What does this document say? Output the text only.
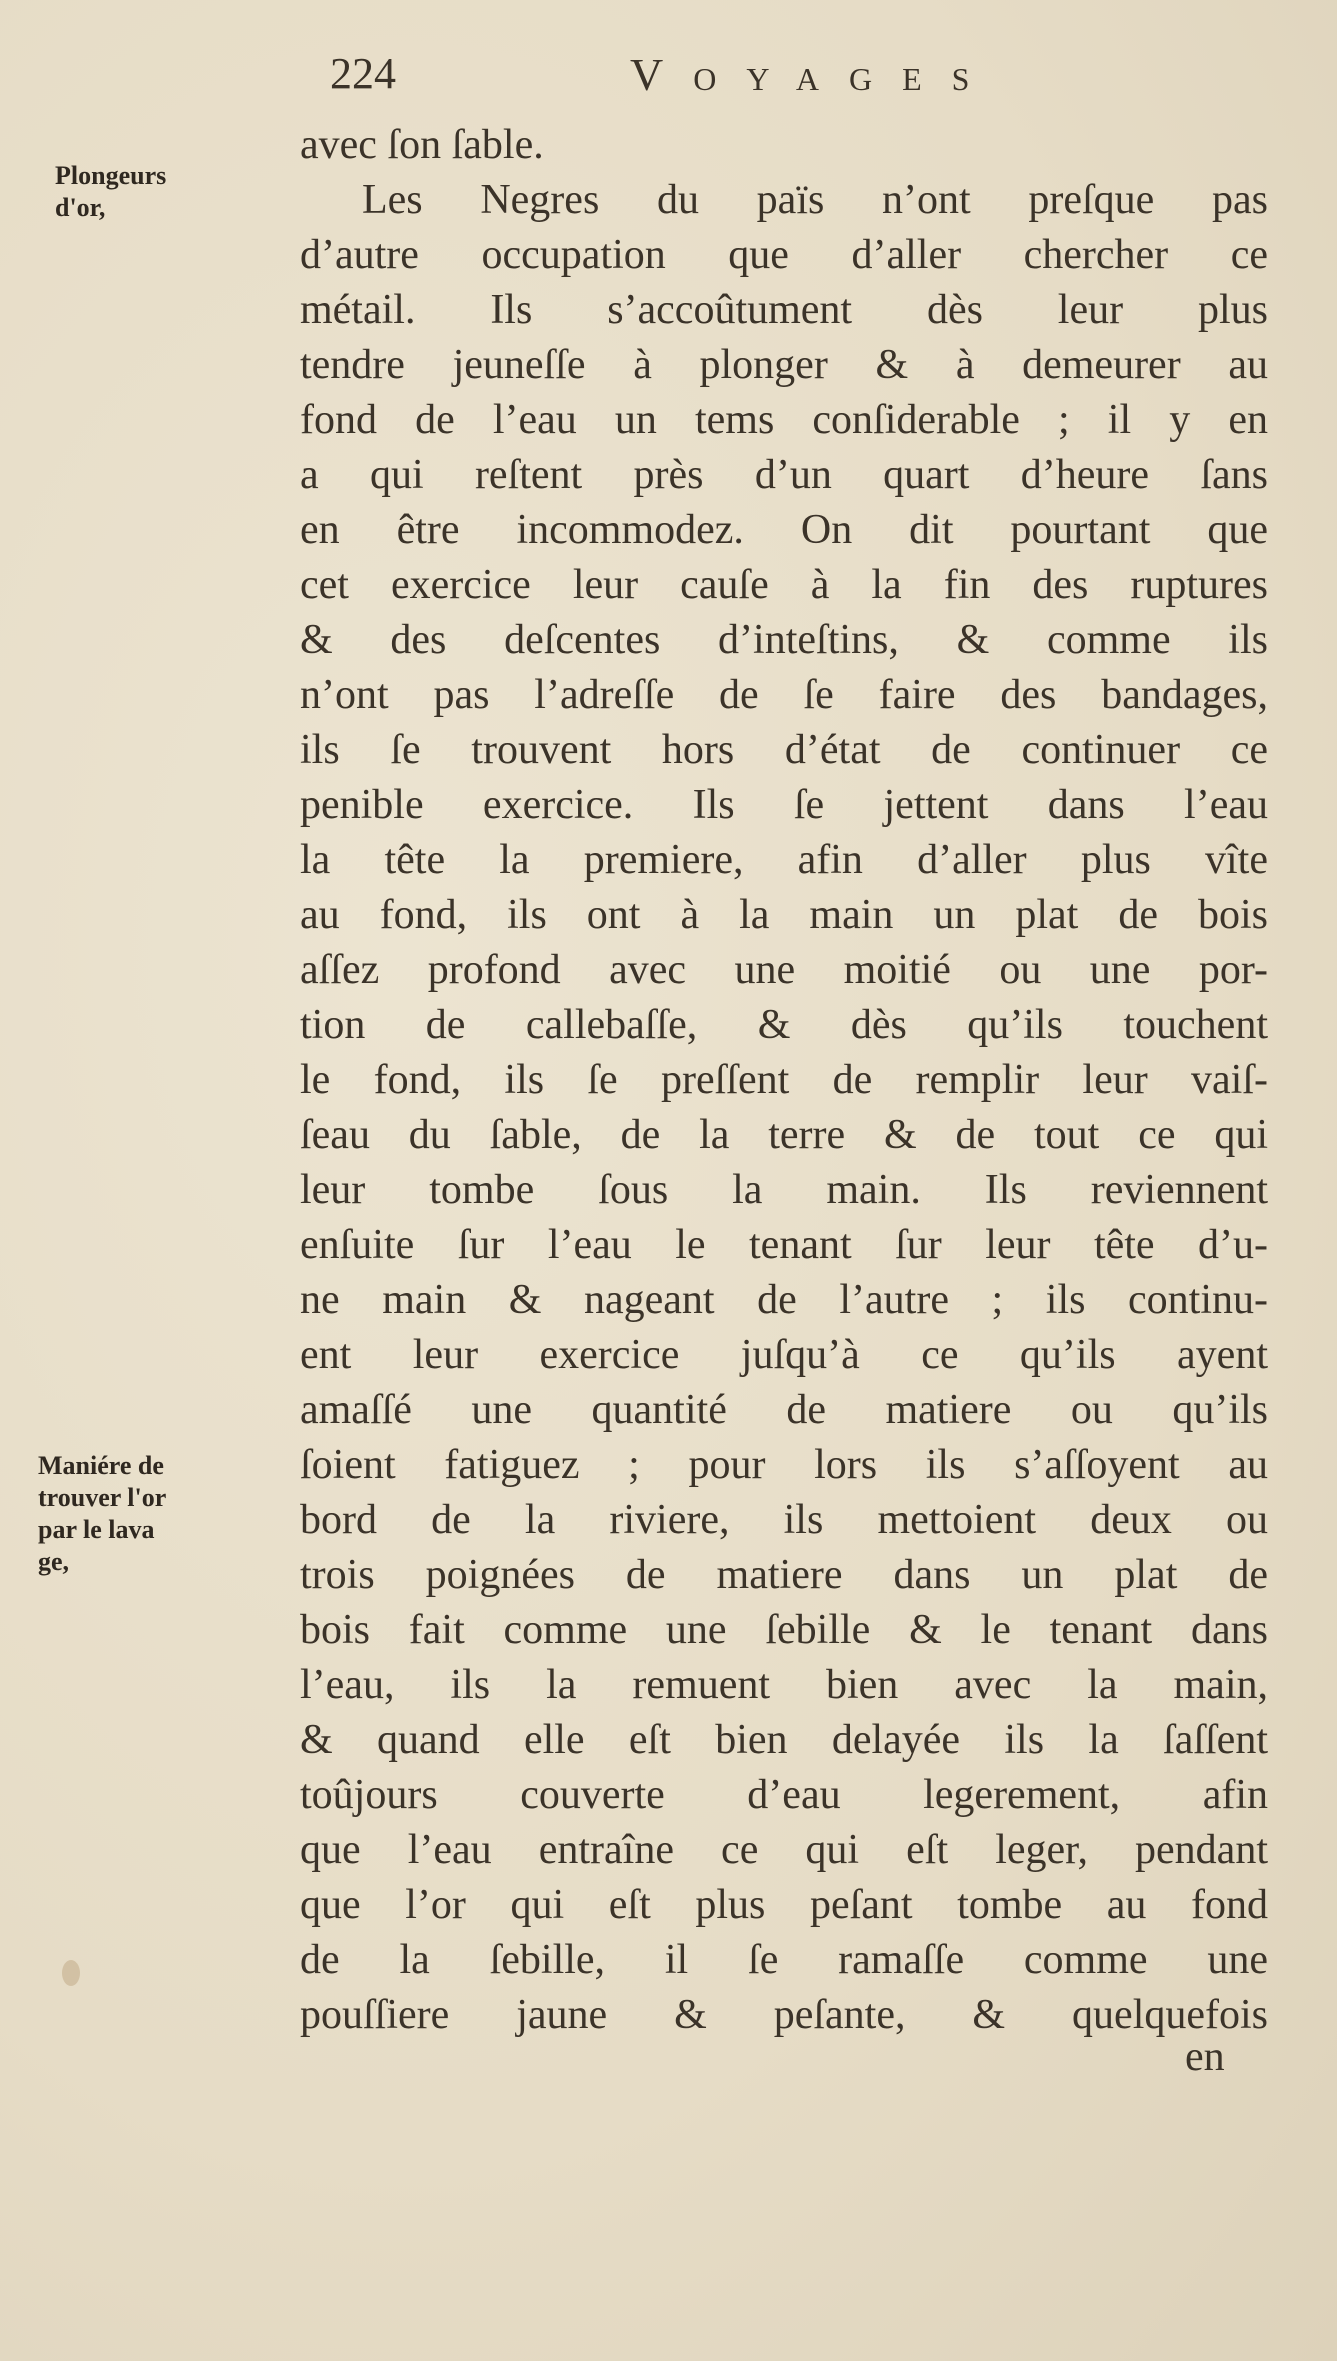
224	Voyages
Plongeurs
d'or,
Maniére de
trouver l'or
par le lava
ge,
avec ſon ſable.
Les Negres du païs n’ont preſque pas
d’autre occupation que d’aller chercher ce
métail. Ils s’accoûtument dès leur plus
tendre jeuneſſe à plonger & à demeurer au
fond de l’eau un tems conſiderable ; il y en
a qui reſtent près d’un quart d’heure ſans
en être incommodez. On dit pourtant que
cet exercice leur cauſe à la fin des ruptures
& des deſcentes d’inteſtins, & comme ils
n’ont pas l’adreſſe de ſe faire des bandages,
ils ſe trouvent hors d’état de continuer ce
penible exercice. Ils ſe jettent dans l’eau
la tête la premiere, afin d’aller plus vîte
au fond, ils ont à la main un plat de bois
aſſez profond avec une moitié ou une por-
tion de callebaſſe, & dès qu’ils touchent
le fond, ils ſe preſſent de remplir leur vaiſ-
ſeau du ſable, de la terre & de tout ce qui
leur tombe ſous la main. Ils reviennent
enſuite ſur l’eau le tenant ſur leur tête d’u-
ne main & nageant de l’autre ; ils continu-
ent leur exercice juſqu’à ce qu’ils ayent
amaſſé une quantité de matiere ou qu’ils
ſoient fatiguez ; pour lors ils s’aſſoyent au
bord de la riviere, ils mettoient deux ou
trois poignées de matiere dans un plat de
bois fait comme une ſebille & le tenant dans
l’eau, ils la remuent bien avec la main,
& quand elle eſt bien delayée ils la ſaſſent
toûjours couverte d’eau legerement, afin
que l’eau entraîne ce qui eſt leger, pendant
que l’or qui eſt plus peſant tombe au fond
de la ſebille, il ſe ramaſſe comme une
pouſſiere jaune & peſante, & quelquefois
en
